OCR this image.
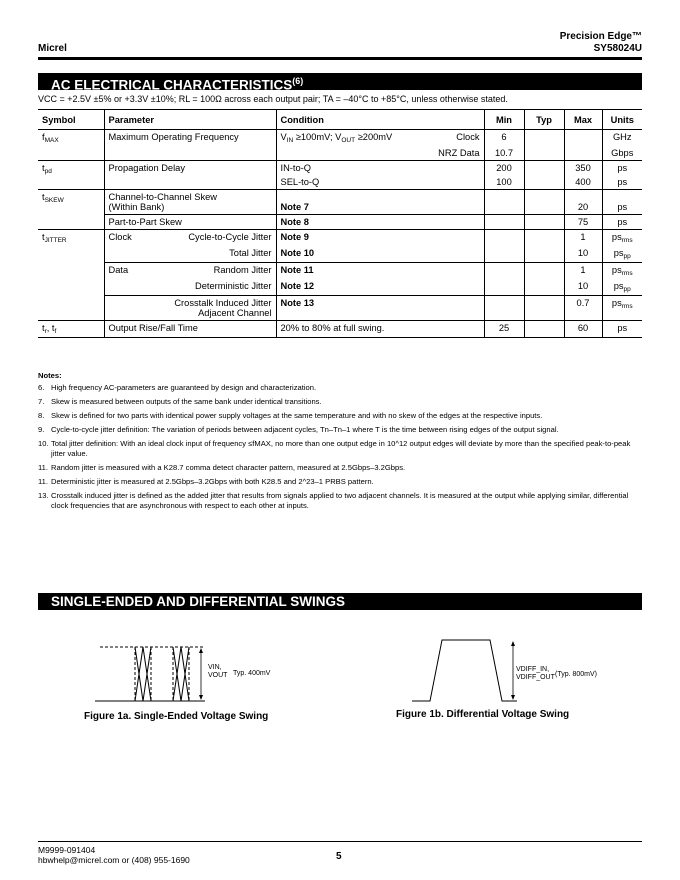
Micrel
Precision Edge™
SY58024U
AC ELECTRICAL CHARACTERISTICS$^{(6)}$
VCC = +2.5V ±5% or +3.3V ±10%; RL = 100Ω across each output pair; TA = –40°C to +85°C, unless otherwise stated.
Symbol	Parameter	Condition	Min	Typ	Max	Units
$f_{MAX}$	Maximum Operating Frequency	$V_{IN} \ge 100mV$; $V_{OUT} \ge 200mV$ Clock	6			GHz
		NRZ Data	10.7			Gbps
$t_{pd}$	Propagation Delay	IN-to-Q	200		350	ps
		SEL-to-Q	100		400	ps
$t_{SKEW}$	Channel-to-Channel Skew
(Within Bank)	Note 7			20	ps
	Part-to-Part Skew	Note 8			75	ps
$t_{JITTER}$	Clock Cycle-to-Cycle Jitter	Note 9			1	$ps_{rms}$
	Total Jitter	Note 10			10	$ps_{pp}$

	Data Random Jitter	Note 11			1	$ps_{rms}$
	Deterministic Jitter	Note 12			10	$ps_{pp}$

	Crosstalk Induced Jitter
Adjacent Channel	Note 13			0.7	$ps_{rms}$
$t_r$, $t_f$	Output Rise/Fall Time	20% to 80% at full swing.	25		60	ps
Notes:
6. High frequency AC-parameters are guaranteed by design and characterization.
7. Skew is measured between outputs of the same bank under identical transitions.
8. Skew is defined for two parts with identical power supply voltages at the same temperature and with no skew of the edges at the respective inputs.
9. Cycle-to-cycle jitter definition: The variation of periods between adjacent cycles, Tn–Tn–1 where T is the time between rising edges of the output signal.
10. Total jitter definition: With an ideal clock input of frequency ≤fMAX, no more than one output edge in 10^12 output edges will deviate by more than the specified peak-to-peak jitter value.
11. Random jitter is measured with a K28.7 comma detect character pattern, measured at 2.5Gbps–3.2Gbps.
11. Deterministic jitter is measured at 2.5Gbps–3.2Gbps with both K28.5 and 2^23–1 PRBS pattern.
13. Crosstalk induced jitter is defined as the added jitter that results from signals applied to two adjacent channels. It is measured at the output while applying similar, differential clock frequencies that are asynchronous with respect to each other at inputs.
SINGLE-ENDED AND DIFFERENTIAL SWINGS
VIN,
VOUT Typ. 400mV
Figure 1a. Single-Ended Voltage Swing
VDIFF_IN,
VDIFF_OUT (Typ. 800mV)
Figure 1b. Differential Voltage Swing
M9999-091404
hbwhelp@micrel.com or (408) 955-1690	5
